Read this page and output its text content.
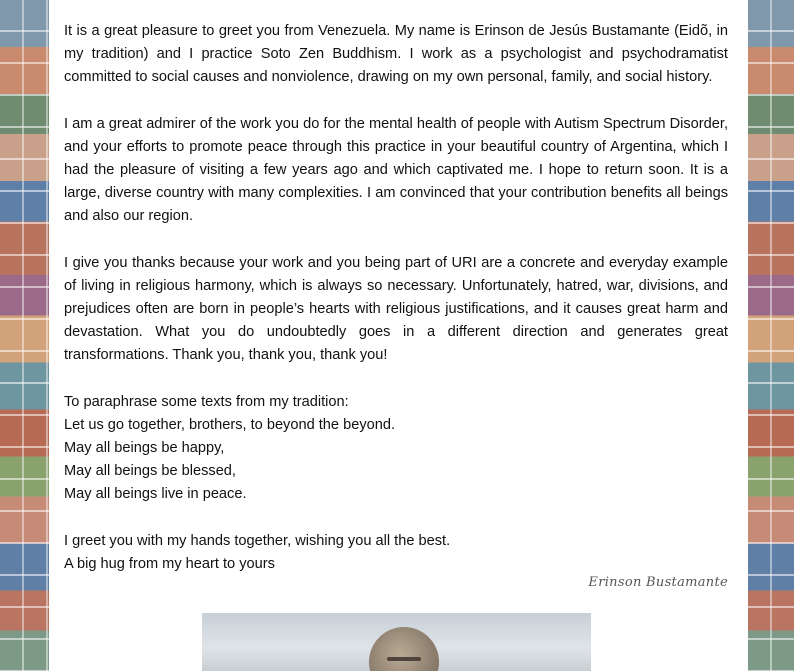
It is a great pleasure to greet you from Venezuela. My name is Erinson de Jesús Bustamante (Eidõ, in my tradition) and I practice Soto Zen Buddhism. I work as a psychologist and psychodramatist committed to social causes and nonviolence, drawing on my own personal, family, and social history.

I am a great admirer of the work you do for the mental health of people with Autism Spectrum Disorder, and your efforts to promote peace through this practice in your beautiful country of Argentina, which I had the pleasure of visiting a few years ago and which captivated me. I hope to return soon. It is a large, diverse country with many complexities. I am convinced that your contribution benefits all beings and also our region.

I give you thanks because your work and you being part of URI are a concrete and everyday example of living in religious harmony, which is always so necessary. Unfortunately, hatred, war, divisions, and prejudices often are born in people’s hearts with religious justifications, and it causes great harm and devastation. What you do undoubtedly goes in a different direction and generates great transformations. Thank you, thank you, thank you!

To paraphrase some texts from my tradition:
Let us go together, brothers, to beyond the beyond.
May all beings be happy,
May all beings be blessed,
May all beings live in peace.

I greet you with my hands together, wishing you all the best.
A big hug from my heart to yours

Erinson Bustamante
